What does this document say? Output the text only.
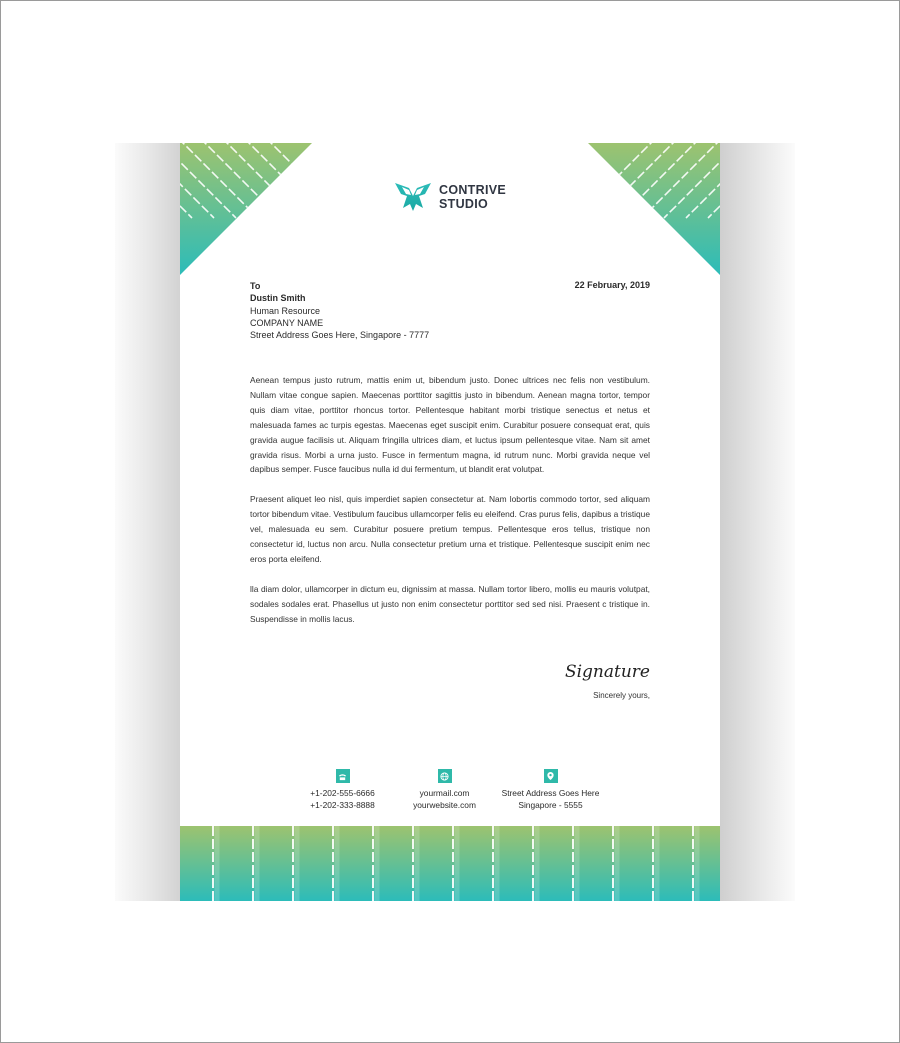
CONTRIVE
STUDIO
To
Dustin Smith
Human Resource
COMPANY NAME
Street Address Goes Here, Singapore - 7777
22 February, 2019

Aenean tempus justo rutrum, mattis enim ut, bibendum justo. Donec ultrices nec felis non vestibulum. Nullam vitae congue sapien. Maecenas porttitor sagittis justo in bibendum. Aenean magna tortor, tempor quis diam vitae, porttitor rhoncus tortor. Pellentesque habitant morbi tristique senectus et netus et malesuada fames ac turpis egestas. Maecenas eget suscipit enim. Curabitur posuere consequat erat, quis gravida augue facilisis ut. Aliquam fringilla ultrices diam, et luctus ipsum pellentesque vitae. Nam sit amet gravida risus. Morbi a urna justo. Fusce in fermentum magna, id rutrum nunc. Morbi gravida neque vel dapibus semper. Fusce faucibus nulla id dui fermentum, ut blandit erat volutpat.

Praesent aliquet leo nisl, quis imperdiet sapien consectetur at. Nam lobortis commodo tortor, sed aliquam tortor bibendum vitae. Vestibulum faucibus ullamcorper felis eu eleifend. Cras purus felis, dapibus a tristique vel, malesuada eu sem. Curabitur posuere pretium tempus. Pellentesque eros tellus, tristique non consectetur id, luctus non arcu. Nulla consectetur pretium urna et tristique. Pellentesque suscipit enim nec eros porta eleifend.

lla diam dolor, ullamcorper in dictum eu, dignissim at massa. Nullam tortor libero, mollis eu mauris volutpat, sodales sodales erat. Phasellus ut justo non enim consectetur porttitor sed sed nisi. Praesent c tristique in. Suspendisse in mollis lacus.

Signature
Sincerely yours,
+1-202-555-6666
+1-202-333-8888
yourmail.com
yourwebsite.com
Street Address Goes Here
Singapore - 5555
